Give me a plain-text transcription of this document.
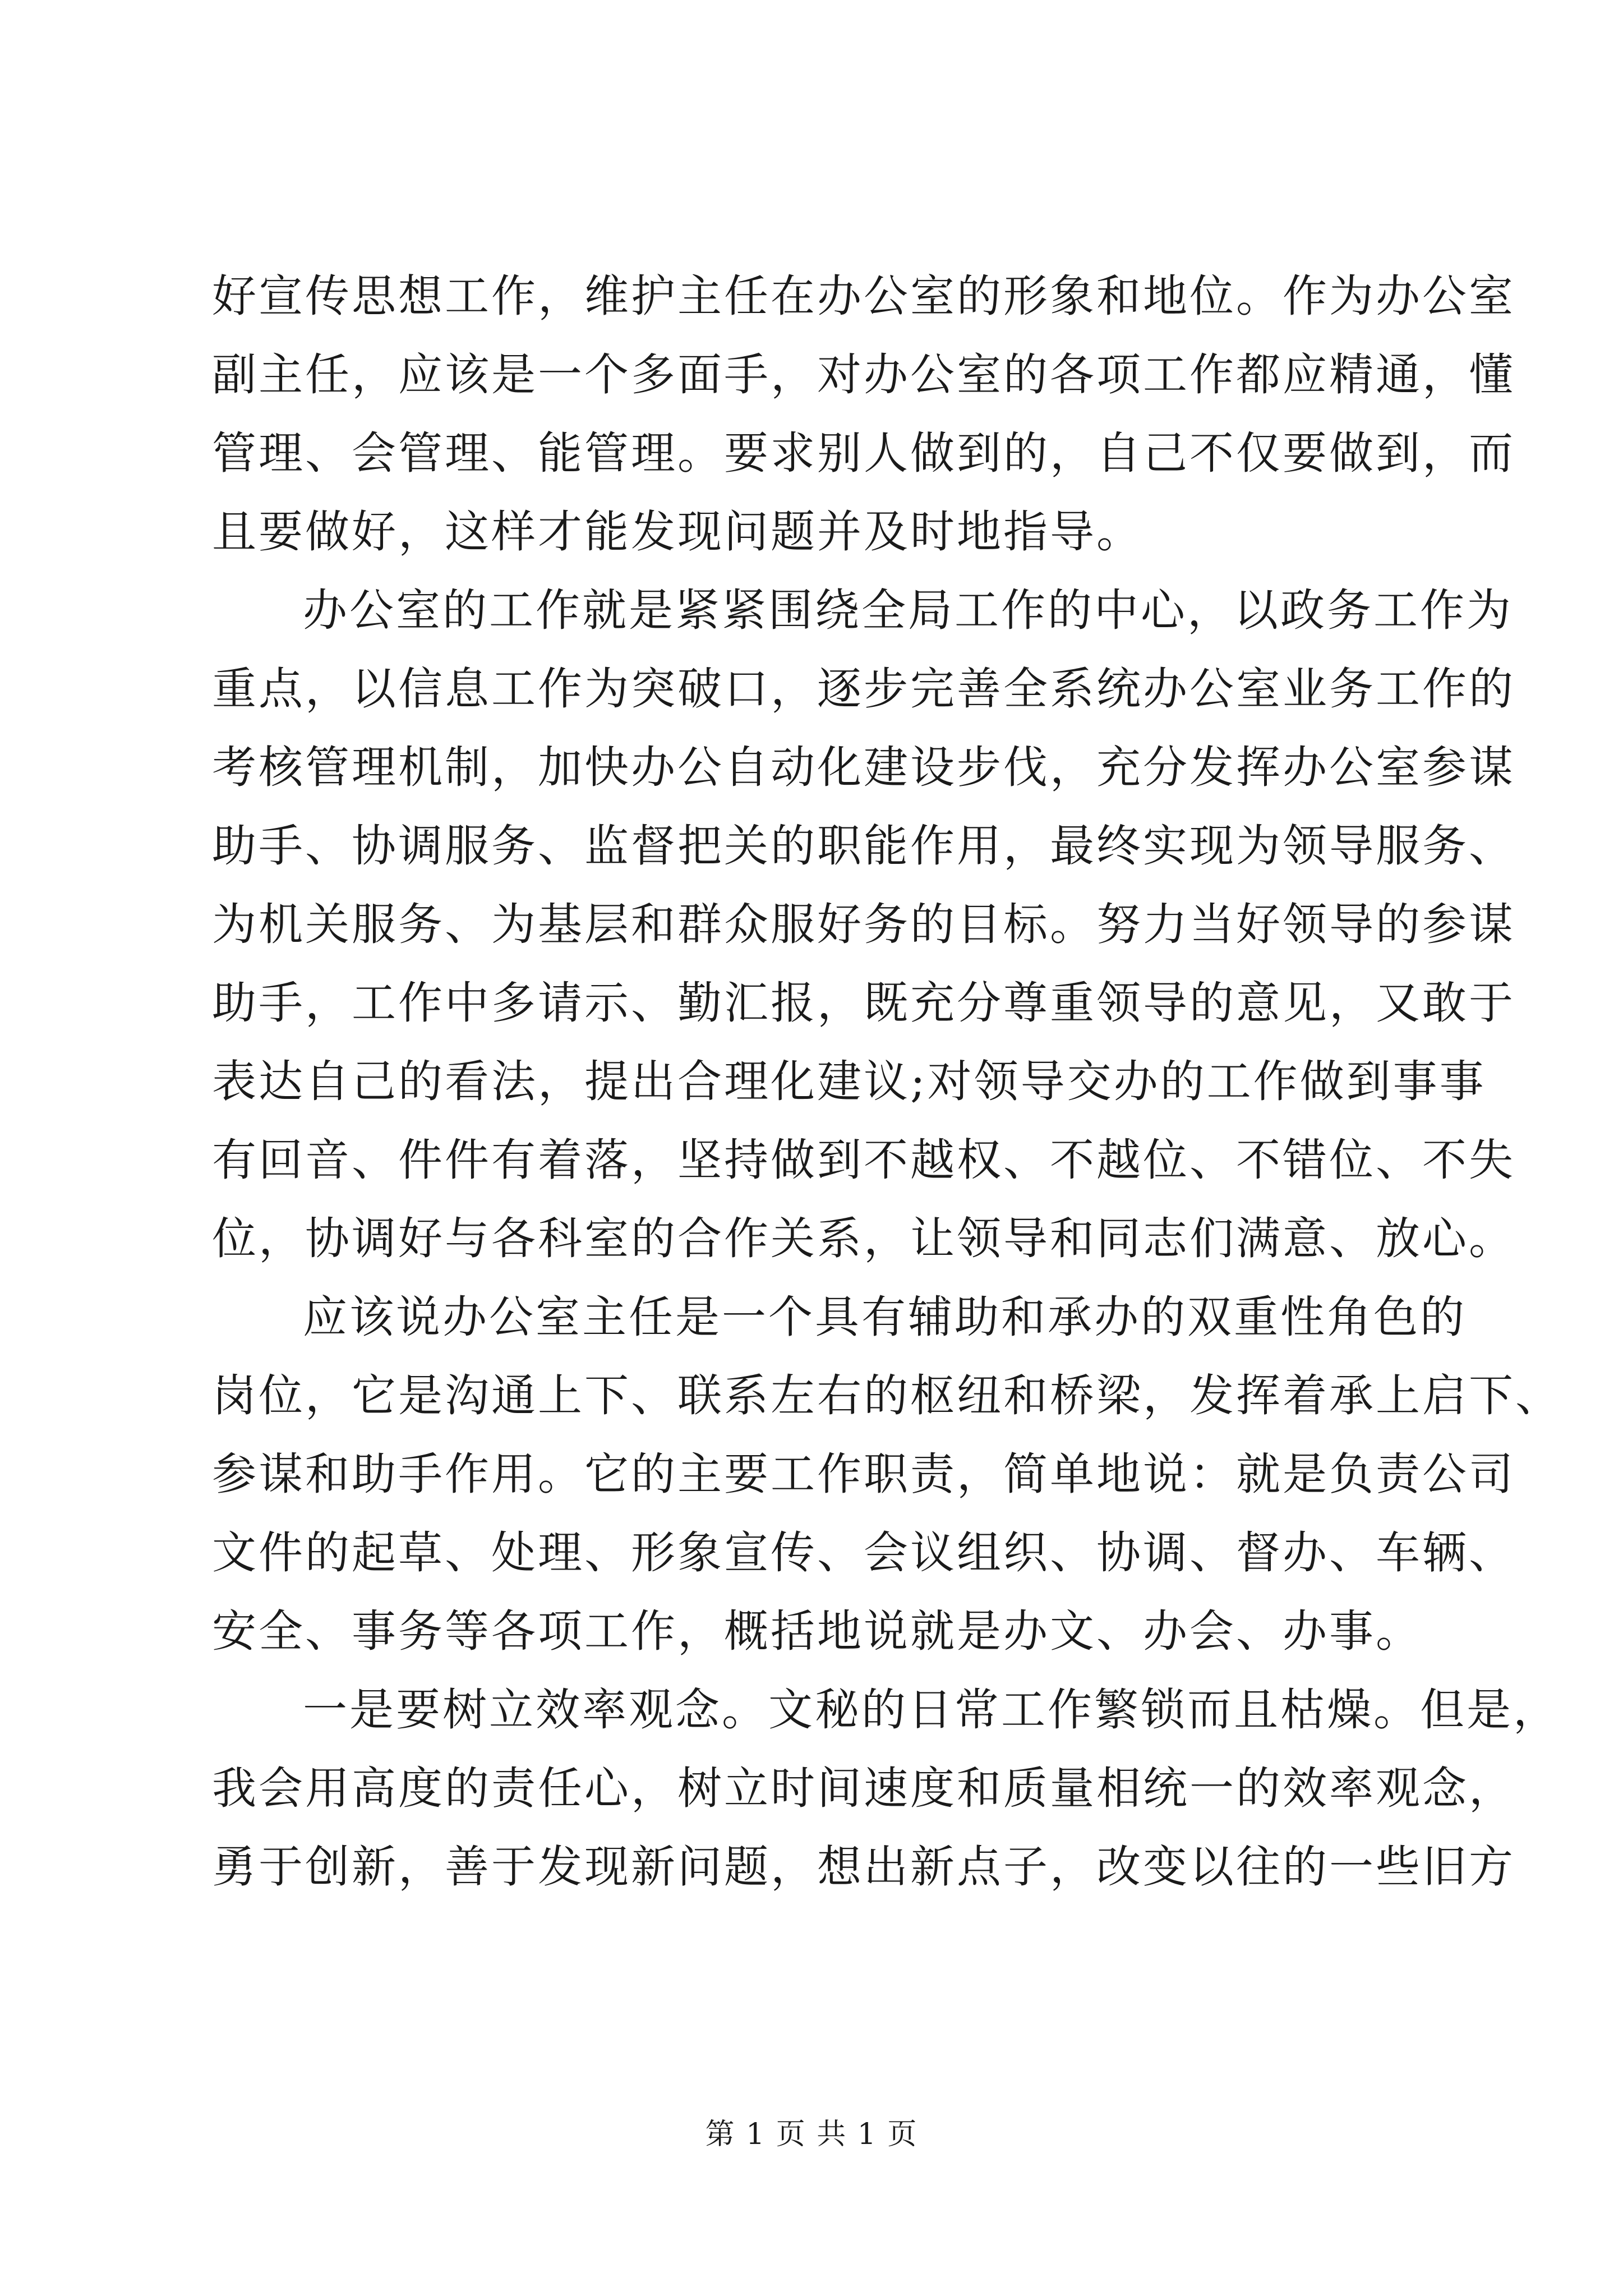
好宣传思想工作，维护主任在办公室的形象和地位。作为办公室
副主任，应该是一个多面手，对办公室的各项工作都应精通，懂
管理、会管理、能管理。要求别人做到的，自己不仅要做到，而
且要做好，这样才能发现问题并及时地指导。
办公室的工作就是紧紧围绕全局工作的中心，以政务工作为
重点，以信息工作为突破口，逐步完善全系统办公室业务工作的
考核管理机制，加快办公自动化建设步伐，充分发挥办公室参谋
助手、协调服务、监督把关的职能作用，最终实现为领导服务、
为机关服务、为基层和群众服好务的目标。努力当好领导的参谋
助手，工作中多请示、勤汇报，既充分尊重领导的意见，又敢于
表达自己的看法，提出合理化建议;对领导交办的工作做到事事
有回音、件件有着落，坚持做到不越权、不越位、不错位、不失
位，协调好与各科室的合作关系，让领导和同志们满意、放心。
应该说办公室主任是一个具有辅助和承办的双重性角色的
岗位，它是沟通上下、联系左右的枢纽和桥梁，发挥着承上启下、
参谋和助手作用。它的主要工作职责，简单地说：就是负责公司
文件的起草、处理、形象宣传、会议组织、协调、督办、车辆、
安全、事务等各项工作，概括地说就是办文、办会、办事。
一是要树立效率观念。文秘的日常工作繁锁而且枯燥。但是，
我会用高度的责任心，树立时间速度和质量相统一的效率观念，
勇于创新，善于发现新问题，想出新点子，改变以往的一些旧方
第 1 页 共 1 页
